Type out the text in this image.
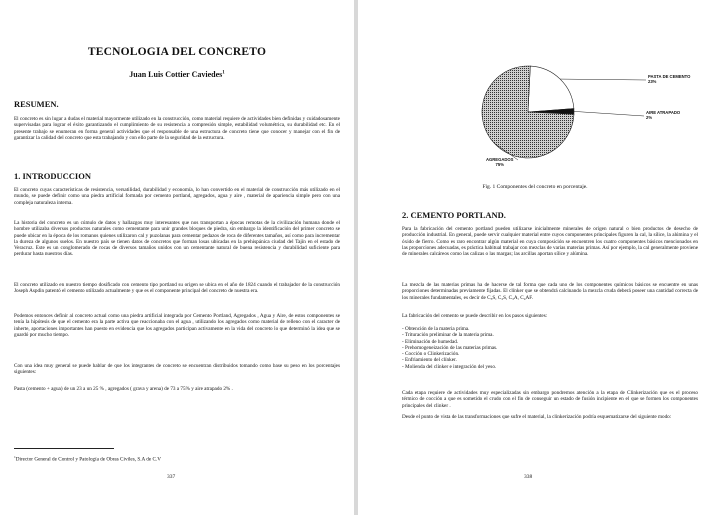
TECNOLOGIA DEL CONCRETO
Juan Luis Cottier Caviedes$^1$
RESUMEN.
El concreto es sin lugar a dudas el material mayormente utilizado en la construcción, como material requiere de actividades bien definidas y cuidadosamente supervisadas para lograr el éxito garantizando el cumplimiento de su resistencia a compresión simple, estabilidad volumétrica, su durabilidad etc. En el presente trabajo se enumeran en forma general actividades que el responsable de una estructura de concreto tiene que conocer y manejar con el fin de garantizar la calidad del concreto que esta trabajando y con ello parte de la seguridad de la estructura.
1. INTRODUCCION
El concreto cuyas características de resistencia, versatilidad, durabilidad y economía, lo han convertido en el material de construcción más utilizado en el mundo, se puede definir como una piedra artificial formada por cemento portland, agregados, agua y aire , material de apariencia simple pero con una compleja naturaleza interna.
La historia del concreto es un cúmulo de datos y hallazgos muy interesantes que nos transportan a épocas remotas de la civilización humana donde el hombre utilizaba diversos productos naturales como cementante para unir grandes bloques de piedra, sin embargo la identificación del primer concreto se puede ubicar en la época de los romanos quienes utilizaron cal y puzolanas para cementar pedazos de roca de diferentes tamaños, así como para incrementar la dureza de algunos suelos. En nuestro país se tienen datos de concretos que forman losas ubicadas en la prehispánica ciudad del Tajín en el estado de Veracruz. Este es un conglomerado de rocas de diversos tamaños unidos con un cementante natural de buena resistencia y durabilidad suficiente para perdurar hasta nuestros días.
El concreto utilizado en nuestro tiempo dosificado con cemento tipo portland su origen se ubica en el año de 1824 cuando el trabajador de la construcción Joseph Aspdin patentó el cemento utilizado actualmente y que es el componente principal del concreto de nuestra era.
Podemos entonces definir al concreto actual como una piedra artificial integrada por Cemento Portland, Agregados , Agua y Aire, de estos componentes se tenía la hipótesis de que el cemento era la parte activa que reaccionaba con el agua , utilizando los agregados como material de relleno con el caracter de inherte, aportaciones importantes han puesto en evidencia que los agregados participan activamente en la vida del concreto lo que determinó la idea que se guardó por mucho tiempo.
Con una idea muy general se puede hablar de que los integrantes de concreto se encuentran distribuidos tomando como base su peso en los porcentajes siguientes:
Pasta (cemento + agua) de un 23 a un 25 % , agregados ( grava y arena) de 73 a 75% y aire atrapado 2% .
$^1$Director General de Control y Patología de Obras Civiles, S.A de C.V
337
PASTA DE CEMENTO
23%
AIRE ATRAPADO
2%
AGREGADOS
75%
Fig. 1 Componentes del concreto en porcentaje.
2. CEMENTO PORTLAND.
Para la fabricación del cemento portland pueden utilizarse inicialmente minerales de origen natural o bien productos de desecho de producción industrial. En general, puede servir cualquier material entre cuyos componentes principales figuren la cal, la sílice, la alúmina y el óxido de fierro. Como es raro encontrar algún material en cuya composición se encuentren los cuatro componentes básicos mencionados en las proporciones adecuadas, es práctica habitual trabajar con mezclas de varias materias primas. Así por ejemplo, la cal generalmente proviene de minerales calcáreos como las calizas o las margas; las arcillas aportan sílice y alúmina.
La mezcla de las materias primas ha de hacerse de tal forma que cada uno de los componentes químicos básicos se encuentre en unas proporciones determinadas previamente fijadas. El clínker que se obtendrá calcinando la mezcla cruda deberá poseer una cantidad correcta de los minerales fundamentales, es decir de C₃S, C₂S, C₃A, C₄AF.
La fabricación del cemento se puede describir en los pasos siguientes:
- Obtención de la materia prima.
- Trituración preliminar de la materia prima.
- Eliminación de humedad.
- Prehomogeneización de las materias primas.
- Cocción o Clinkerización.
- Enfriamiento del clínker.
- Molienda del clínker e integración del yeso.
Cada etapa requiere de actividades muy especializadas sin embargo pondremos atención a la etapa de Clinkerización que es el proceso térmico de cocción a que es sometido el crudo con el fin de conseguir un estado de fusión incipiente en el que se formen los componentes principales del clinker .
Desde el punto de vista de las transformaciones que sufre el material, la clinkerización podría esquematizarse del siguiente modo:
338
